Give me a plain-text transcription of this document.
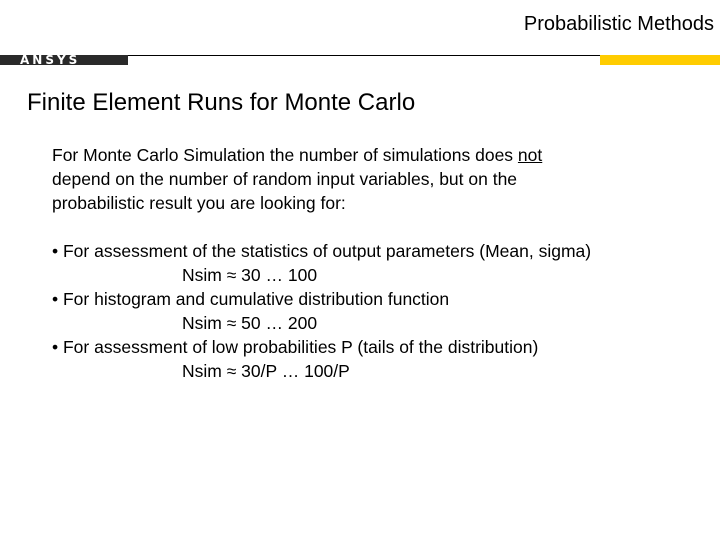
Probabilistic Methods
ANSYS
Finite Element Runs for Monte Carlo
For Monte Carlo Simulation the number of simulations does not
depend on the number of random input variables, but on the
probabilistic result you are looking for:
• For assessment of the statistics of output parameters (Mean, sigma)
Nsim ≈ 30 … 100
• For histogram and cumulative distribution function
Nsim ≈ 50 … 200
• For assessment of low probabilities P (tails of the distribution)
Nsim ≈ 30/P … 100/P
